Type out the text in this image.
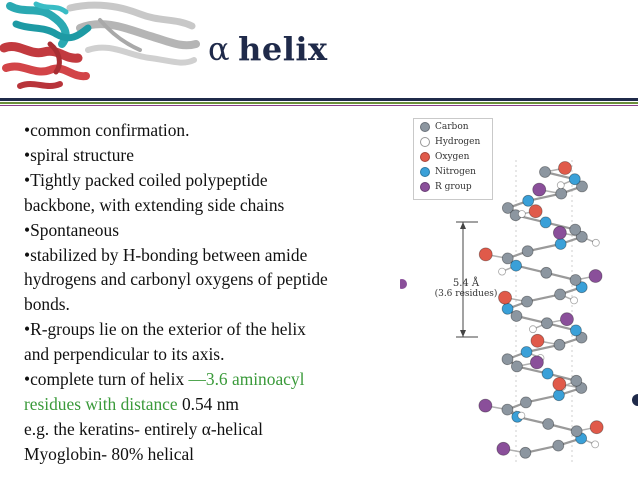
α helix
•common confirmation.
•spiral structure
•Tightly packed coiled polypeptide
backbone, with extending side chains
•Spontaneous
•stabilized by H-bonding between amide
hydrogens and carbonyl oxygens of peptide
bonds.
•R-groups lie on the exterior of the helix
and perpendicular to its axis.
•complete turn of helix —3.6 aminoacyl
residues with distance 0.54 nm
e.g. the keratins- entirely α-helical
Myoglobin- 80% helical
Carbon
Hydrogen
Oxygen
Nitrogen
R group
5.4 Å
(3.6 residues)
